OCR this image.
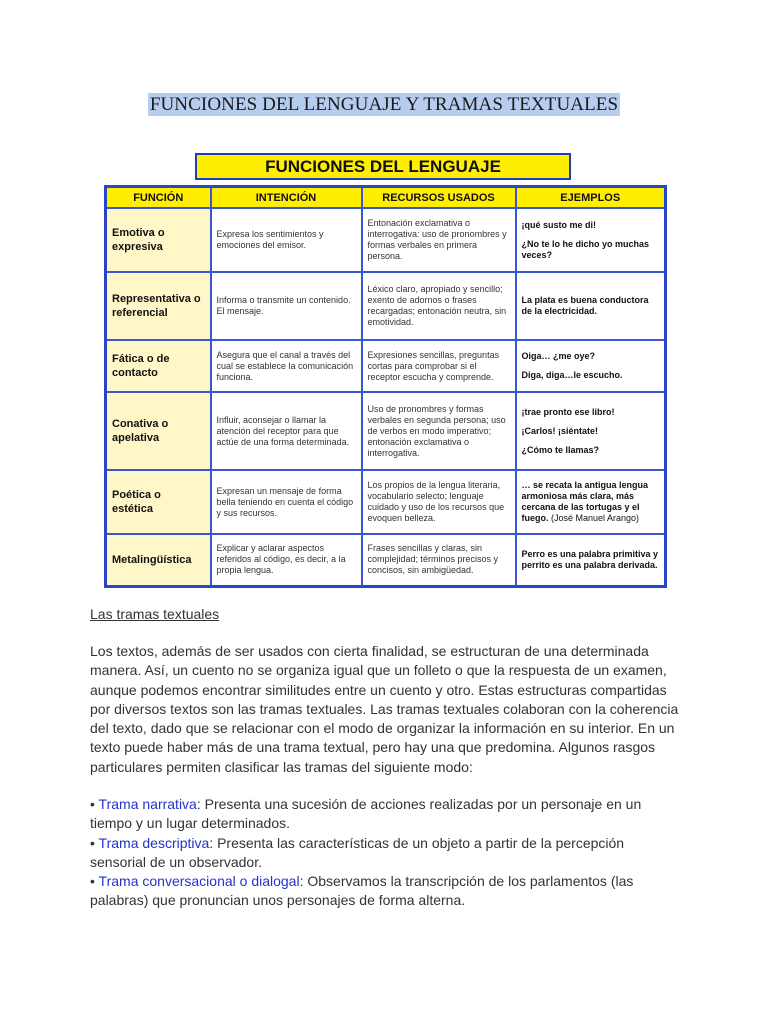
FUNCIONES DEL LENGUAJE Y TRAMAS TEXTUALES
FUNCIONES DEL LENGUAJE
FUNCIÓN	INTENCIÓN	RECURSOS USADOS	EJEMPLOS
Emotiva o expresiva	Expresa los sentimientos y emociones del emisor.	Entonación exclamativa o interrogativa: uso de pronombres y formas verbales en primera persona.	¡qué susto me di!
¿No te lo he dicho yo muchas veces?

Representativa o referencial	Informa o transmite un contenido. El mensaje.	Léxico claro, apropiado y sencillo; exento de adornos o frases recargadas; entonación neutra, sin emotividad.	La plata es buena conductora de la electricidad.

Fática o de contacto	Asegura que el canal a través del cual se establece la comunicación funciona.	Expresiones sencillas, preguntas cortas para comprobar si el receptor escucha y comprende.	Oiga… ¿me oye?
Diga, diga…le escucho.

Conativa o apelativa	Influir, aconsejar o llamar la atención del receptor para que actúe de una forma determinada.	Uso de pronombres y formas verbales en segunda persona; uso de verbos en modo imperativo; entonación exclamativa o interrogativa.	¡trae pronto ese libro!
¡Carlos! ¡siéntate!
¿Cómo te llamas?

Poética o estética	Expresan un mensaje de forma bella teniendo en cuenta el código y sus recursos.	Los propios de la lengua literaria, vocabulario selecto; lenguaje cuidado y uso de los recursos que evoquen belleza.	… se recata la antigua lengua armoniosa más clara, más cercana de las tortugas y el fuego. (José Manuel Arango)
Metalingüística	Explicar y aclarar aspectos referidos al código, es decir, a la propia lengua.	Frases sencillas y claras, sin complejidad; términos precisos y concisos, sin ambigüedad.	Perro es una palabra primitiva y perrito es una palabra derivada.
Las tramas textuales
Los textos, además de ser usados con cierta finalidad, se estructuran de una determinada manera. Así, un cuento no se organiza igual que un folleto o que la respuesta de un examen, aunque podemos encontrar similitudes entre un cuento y otro. Estas estructuras compartidas por diversos textos son las tramas textuales. Las tramas textuales colaboran con la coherencia del texto, dado que se relacionar con el modo de organizar la información en su interior. En un texto puede haber más de una trama textual, pero hay una que predomina. Algunos rasgos particulares permiten clasificar las tramas del siguiente modo:
• Trama narrativa: Presenta una sucesión de acciones realizadas por un personaje en un tiempo y un lugar determinados.
• Trama descriptiva: Presenta las características de un objeto a partir de la percepción sensorial de un observador.
• Trama conversacional o dialogal: Observamos la transcripción de los parlamentos (las palabras) que pronuncian unos personajes de forma alterna.
